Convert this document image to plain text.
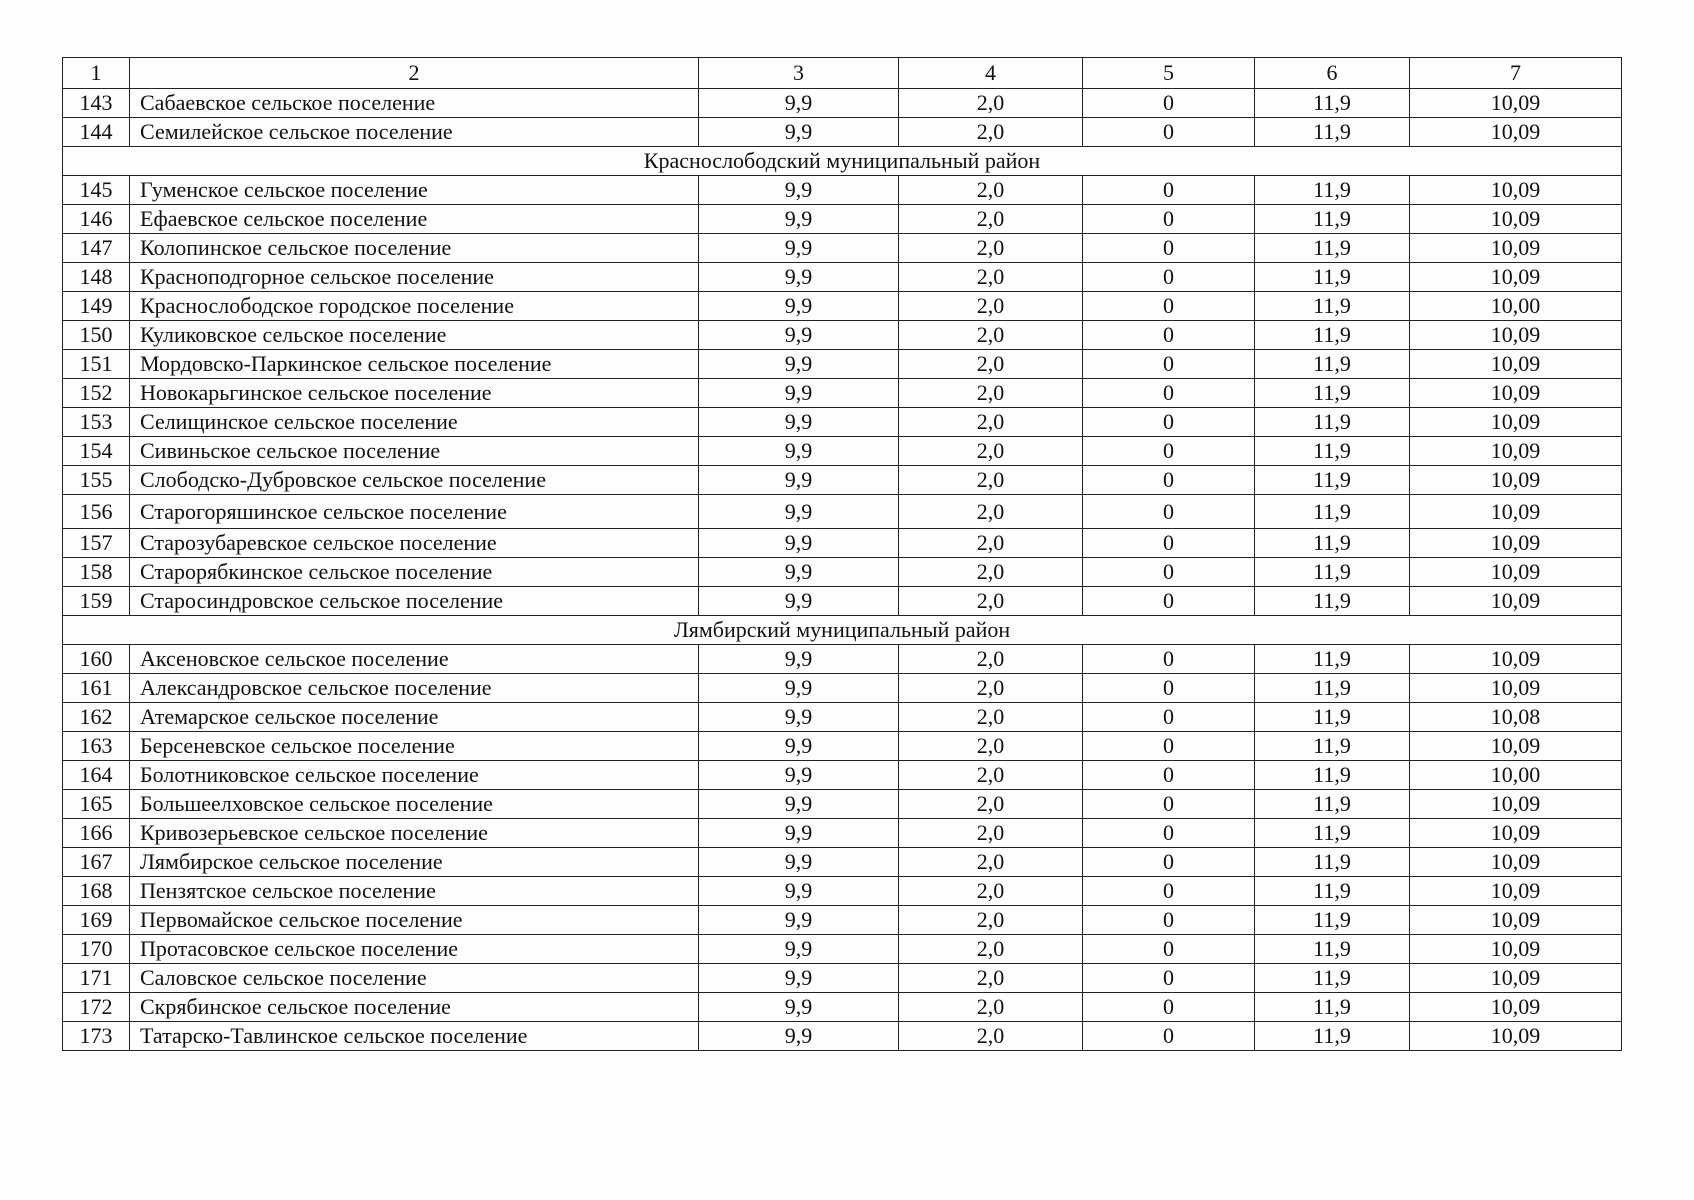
1	2	3	4	5	6	7
143	Сабаевское сельское поселение	9,9	2,0	0	11,9	10,09
144	Семилейское сельское поселение	9,9	2,0	0	11,9	10,09
Краснослободский муниципальный район						
145	Гуменское сельское поселение	9,9	2,0	0	11,9	10,09
146	Ефаевское сельское поселение	9,9	2,0	0	11,9	10,09
147	Колопинское сельское поселение	9,9	2,0	0	11,9	10,09
148	Красноподгорное сельское поселение	9,9	2,0	0	11,9	10,09
149	Краснослободское городское поселение	9,9	2,0	0	11,9	10,00
150	Куликовское сельское поселение	9,9	2,0	0	11,9	10,09
151	Мордовско-Паркинское сельское поселение	9,9	2,0	0	11,9	10,09
152	Новокарьгинское сельское поселение	9,9	2,0	0	11,9	10,09
153	Селищинское сельское поселение	9,9	2,0	0	11,9	10,09
154	Сивиньское сельское поселение	9,9	2,0	0	11,9	10,09
155	Слободско-Дубровское сельское поселение	9,9	2,0	0	11,9	10,09
156	Старогоряшинское сельское поселение	9,9	2,0	0	11,9	10,09
157	Старозубаревское сельское поселение	9,9	2,0	0	11,9	10,09
158	Старорябкинское сельское поселение	9,9	2,0	0	11,9	10,09
159	Старосиндровское сельское поселение	9,9	2,0	0	11,9	10,09
Лямбирский муниципальный район						
160	Аксеновское сельское поселение	9,9	2,0	0	11,9	10,09
161	Александровское сельское поселение	9,9	2,0	0	11,9	10,09
162	Атемарское сельское поселение	9,9	2,0	0	11,9	10,08
163	Берсеневское сельское поселение	9,9	2,0	0	11,9	10,09
164	Болотниковское сельское поселение	9,9	2,0	0	11,9	10,00
165	Большеелховское сельское поселение	9,9	2,0	0	11,9	10,09
166	Кривозерьевское сельское поселение	9,9	2,0	0	11,9	10,09
167	Лямбирское сельское поселение	9,9	2,0	0	11,9	10,09
168	Пензятское сельское поселение	9,9	2,0	0	11,9	10,09
169	Первомайское сельское поселение	9,9	2,0	0	11,9	10,09
170	Протасовское сельское поселение	9,9	2,0	0	11,9	10,09
171	Саловское сельское поселение	9,9	2,0	0	11,9	10,09
172	Скрябинское сельское поселение	9,9	2,0	0	11,9	10,09
173	Татарско-Тавлинское сельское поселение	9,9	2,0	0	11,9	10,09
